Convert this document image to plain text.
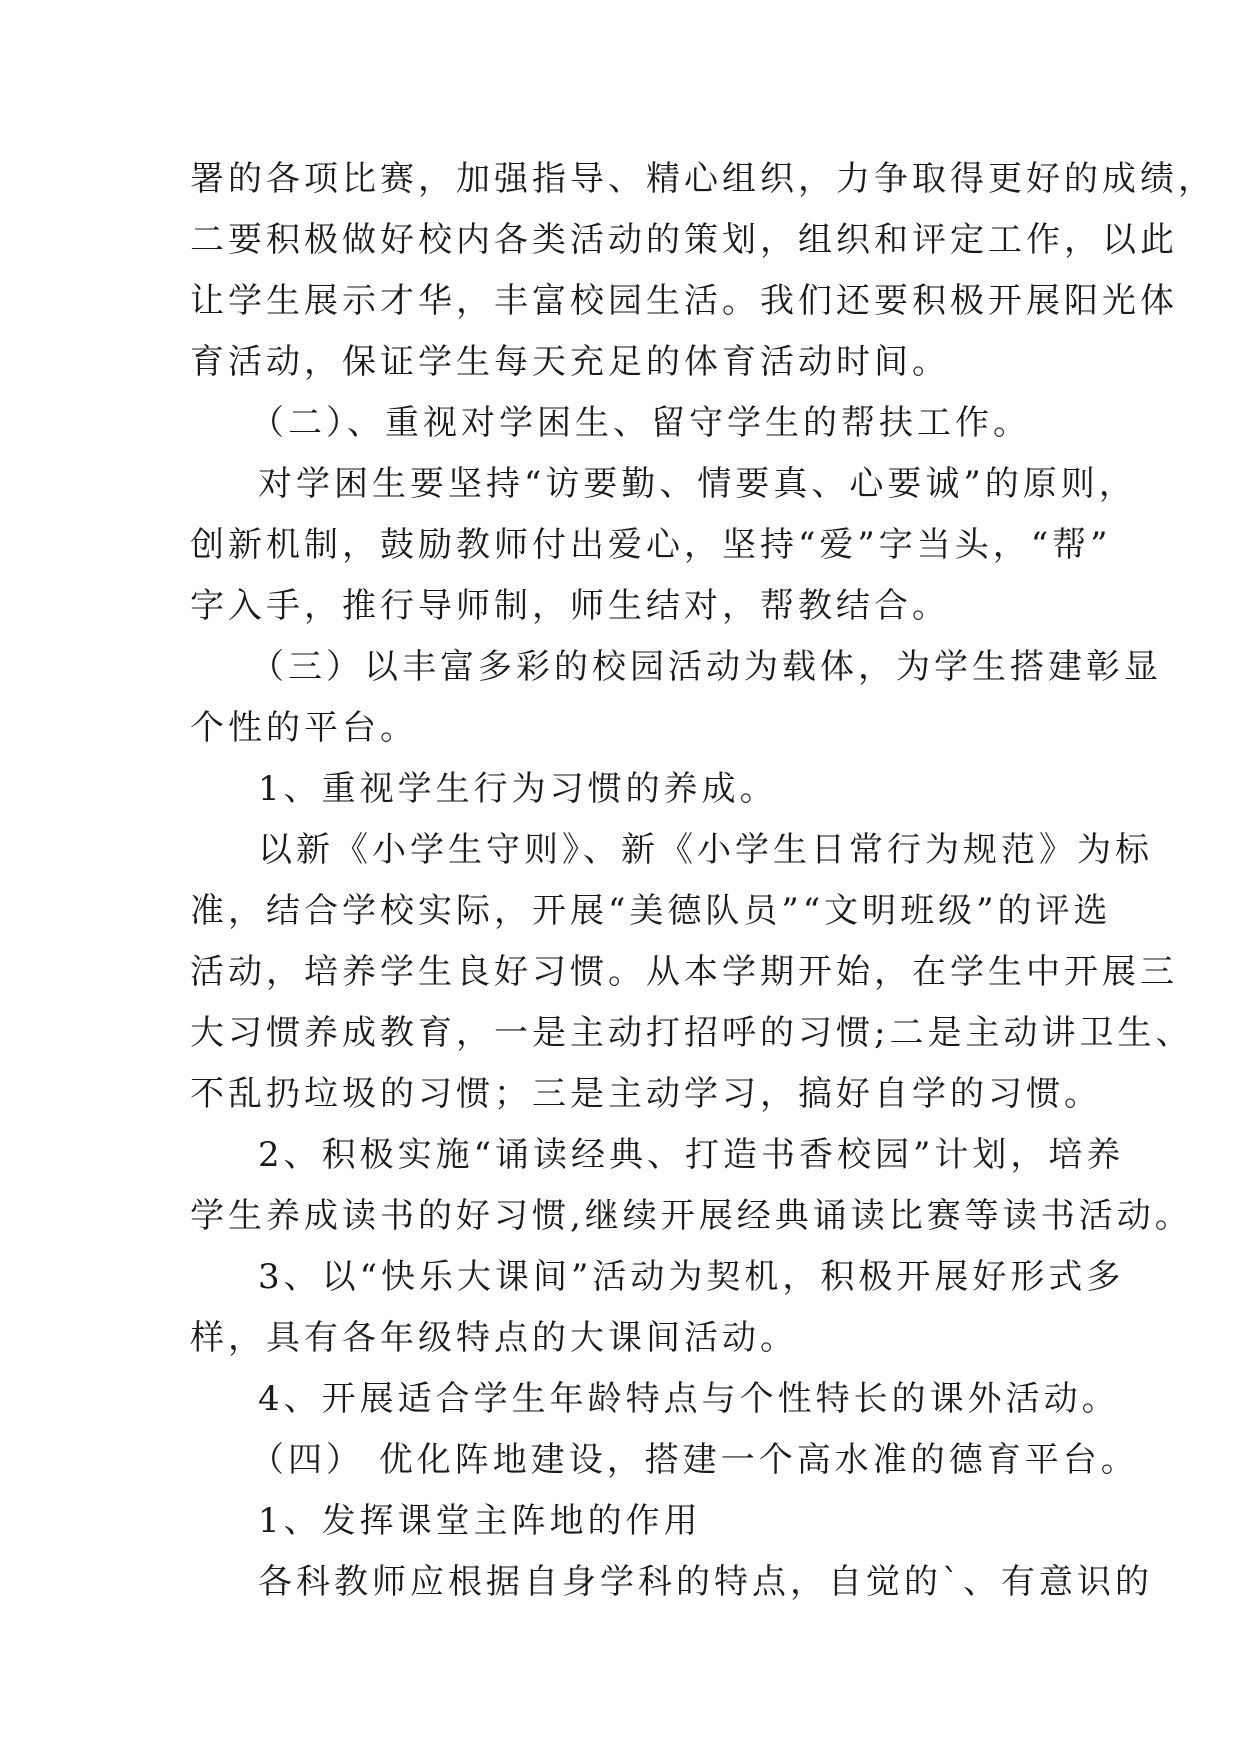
署的各项比赛，加强指导、精心组织，力争取得更好的成绩，
二要积极做好校内各类活动的策划，组织和评定工作，以此
让学生展示才华，丰富校园生活。我们还要积极开展阳光体
育活动，保证学生每天充足的体育活动时间。
（二）、重视对学困生、留守学生的帮扶工作。
对学困生要坚持“访要勤、情要真、心要诚”的原则，
创新机制，鼓励教师付出爱心，坚持“爱”字当头，“帮”
字入手，推行导师制，师生结对，帮教结合。
（三）以丰富多彩的校园活动为载体，为学生搭建彰显
个性的平台。
1、重视学生行为习惯的养成。
以新《小学生守则》、新《小学生日常行为规范》为标
准，结合学校实际，开展“美德队员”“文明班级”的评选
活动，培养学生良好习惯。从本学期开始，在学生中开展三
大习惯养成教育，一是主动打招呼的习惯;二是主动讲卫生、
不乱扔垃圾的习惯；三是主动学习，搞好自学的习惯。
2、积极实施“诵读经典、打造书香校园”计划，培养
学生养成读书的好习惯,继续开展经典诵读比赛等读书活动。
3、以“快乐大课间”活动为契机，积极开展好形式多
样，具有各年级特点的大课间活动。
4、开展适合学生年龄特点与个性特长的课外活动。
（四） 优化阵地建设，搭建一个高水准的德育平台。
1、发挥课堂主阵地的作用
各科教师应根据自身学科的特点，自觉的`、有意识的
